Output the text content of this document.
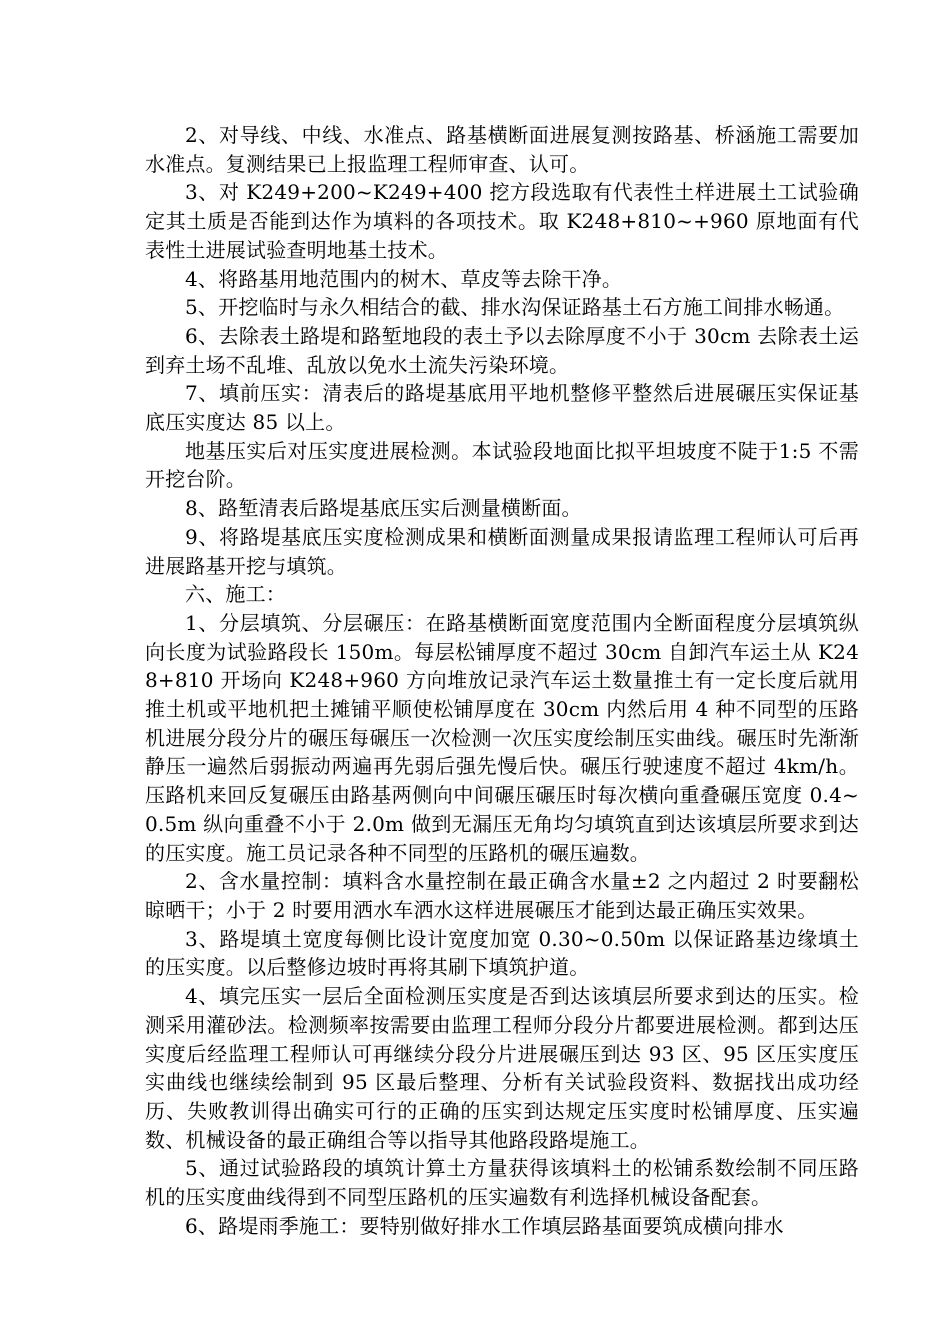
2、对导线、中线、水准点、路基横断面进展复测按路基、桥涵施工需要加水准点。复测结果已上报监理工程师审查、认可。

3、对 K249+200~K249+400 挖方段选取有代表性土样进展土工试验确定其土质是否能到达作为填料的各项技术。取 K248+810~+960 原地面有代表性土进展试验查明地基土技术。

4、将路基用地范围内的树木、草皮等去除干净。

5、开挖临时与永久相结合的截、排水沟保证路基土石方施工间排水畅通。

6、去除表土路堤和路堑地段的表土予以去除厚度不小于 30cm 去除表土运到弃土场不乱堆、乱放以免水土流失污染环境。

7、填前压实：清表后的路堤基底用平地机整修平整然后进展碾压实保证基底压实度达 85 以上。

地基压实后对压实度进展检测。本试验段地面比拟平坦坡度不陡于1:5 不需开挖台阶。

8、路堑清表后路堤基底压实后测量横断面。

9、将路堤基底压实度检测成果和横断面测量成果报请监理工程师认可后再进展路基开挖与填筑。

六、施工：

1、分层填筑、分层碾压：在路基横断面宽度范围内全断面程度分层填筑纵向长度为试验路段长 150m。每层松铺厚度不超过 30cm 自卸汽车运土从 K248+810 开场向 K248+960 方向堆放记录汽车运土数量推土有一定长度后就用推土机或平地机把土摊铺平顺使松铺厚度在 30cm 内然后用 4 种不同型的压路机进展分段分片的碾压每碾压一次检测一次压实度绘制压实曲线。碾压时先渐渐静压一遍然后弱振动两遍再先弱后强先慢后快。碾压行驶速度不超过 4km/h。压路机来回反复碾压由路基两侧向中间碾压碾压时每次横向重叠碾压宽度 0.4~0.5m 纵向重叠不小于 2.0m 做到无漏压无角均匀填筑直到达该填层所要求到达的压实度。施工员记录各种不同型的压路机的碾压遍数。

2、含水量控制：填料含水量控制在最正确含水量±2 之内超过 2 时要翻松晾晒干；小于 2 时要用洒水车洒水这样进展碾压才能到达最正确压实效果。

3、路堤填土宽度每侧比设计宽度加宽 0.30~0.50m 以保证路基边缘填土的压实度。以后整修边坡时再将其刷下填筑护道。

4、填完压实一层后全面检测压实度是否到达该填层所要求到达的压实。检测采用灌砂法。检测频率按需要由监理工程师分段分片都要进展检测。都到达压实度后经监理工程师认可再继续分段分片进展碾压到达 93 区、95 区压实度压实曲线也继续绘制到 95 区最后整理、分析有关试验段资料、数据找出成功经历、失败教训得出确实可行的正确的压实到达规定压实度时松铺厚度、压实遍数、机械设备的最正确组合等以指导其他路段路堤施工。

5、通过试验路段的填筑计算土方量获得该填料土的松铺系数绘制不同压路机的压实度曲线得到不同型压路机的压实遍数有利选择机械设备配套。

6、路堤雨季施工：要特别做好排水工作填层路基面要筑成横向排水
